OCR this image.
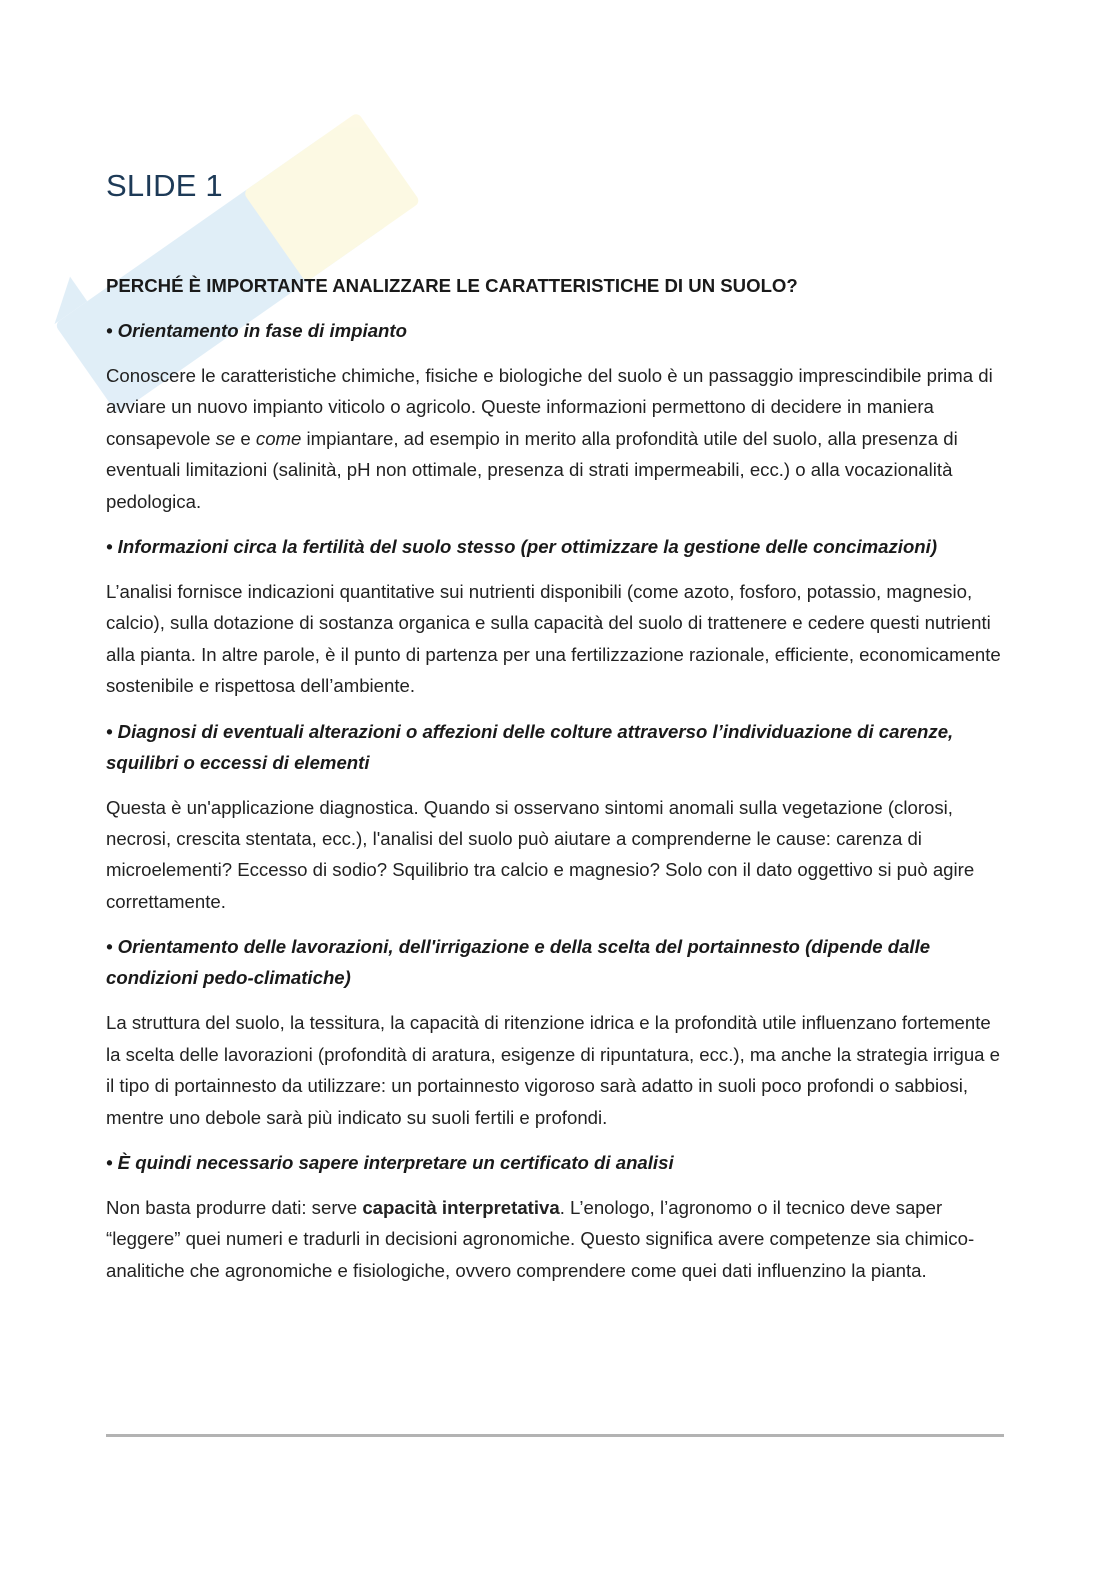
SLIDE 1

PERCHÉ È IMPORTANTE ANALIZZARE LE CARATTERISTICHE DI UN SUOLO?

• Orientamento in fase di impianto

Conoscere le caratteristiche chimiche, fisiche e biologiche del suolo è un passaggio imprescindibile prima di avviare un nuovo impianto viticolo o agricolo. Queste informazioni permettono di decidere in maniera consapevole se e come impiantare, ad esempio in merito alla profondità utile del suolo, alla presenza di eventuali limitazioni (salinità, pH non ottimale, presenza di strati impermeabili, ecc.) o alla vocazionalità pedologica.

• Informazioni circa la fertilità del suolo stesso (per ottimizzare la gestione delle concimazioni)

L’analisi fornisce indicazioni quantitative sui nutrienti disponibili (come azoto, fosforo, potassio, magnesio, calcio), sulla dotazione di sostanza organica e sulla capacità del suolo di trattenere e cedere questi nutrienti alla pianta. In altre parole, è il punto di partenza per una fertilizzazione razionale, efficiente, economicamente sostenibile e rispettosa dell’ambiente.

• Diagnosi di eventuali alterazioni o affezioni delle colture attraverso l’individuazione di carenze, squilibri o eccessi di elementi

Questa è un'applicazione diagnostica. Quando si osservano sintomi anomali sulla vegetazione (clorosi, necrosi, crescita stentata, ecc.), l'analisi del suolo può aiutare a comprenderne le cause: carenza di microelementi? Eccesso di sodio? Squilibrio tra calcio e magnesio? Solo con il dato oggettivo si può agire correttamente.

• Orientamento delle lavorazioni, dell'irrigazione e della scelta del portainnesto (dipende dalle condizioni pedo-climatiche)

La struttura del suolo, la tessitura, la capacità di ritenzione idrica e la profondità utile influenzano fortemente la scelta delle lavorazioni (profondità di aratura, esigenze di ripuntatura, ecc.), ma anche la strategia irrigua e il tipo di portainnesto da utilizzare: un portainnesto vigoroso sarà adatto in suoli poco profondi o sabbiosi, mentre uno debole sarà più indicato su suoli fertili e profondi.

• È quindi necessario sapere interpretare un certificato di analisi

Non basta produrre dati: serve capacità interpretativa. L’enologo, l’agronomo o il tecnico deve saper “leggere” quei numeri e tradurli in decisioni agronomiche. Questo significa avere competenze sia chimico-analitiche che agronomiche e fisiologiche, ovvero comprendere come quei dati influenzino la pianta.
